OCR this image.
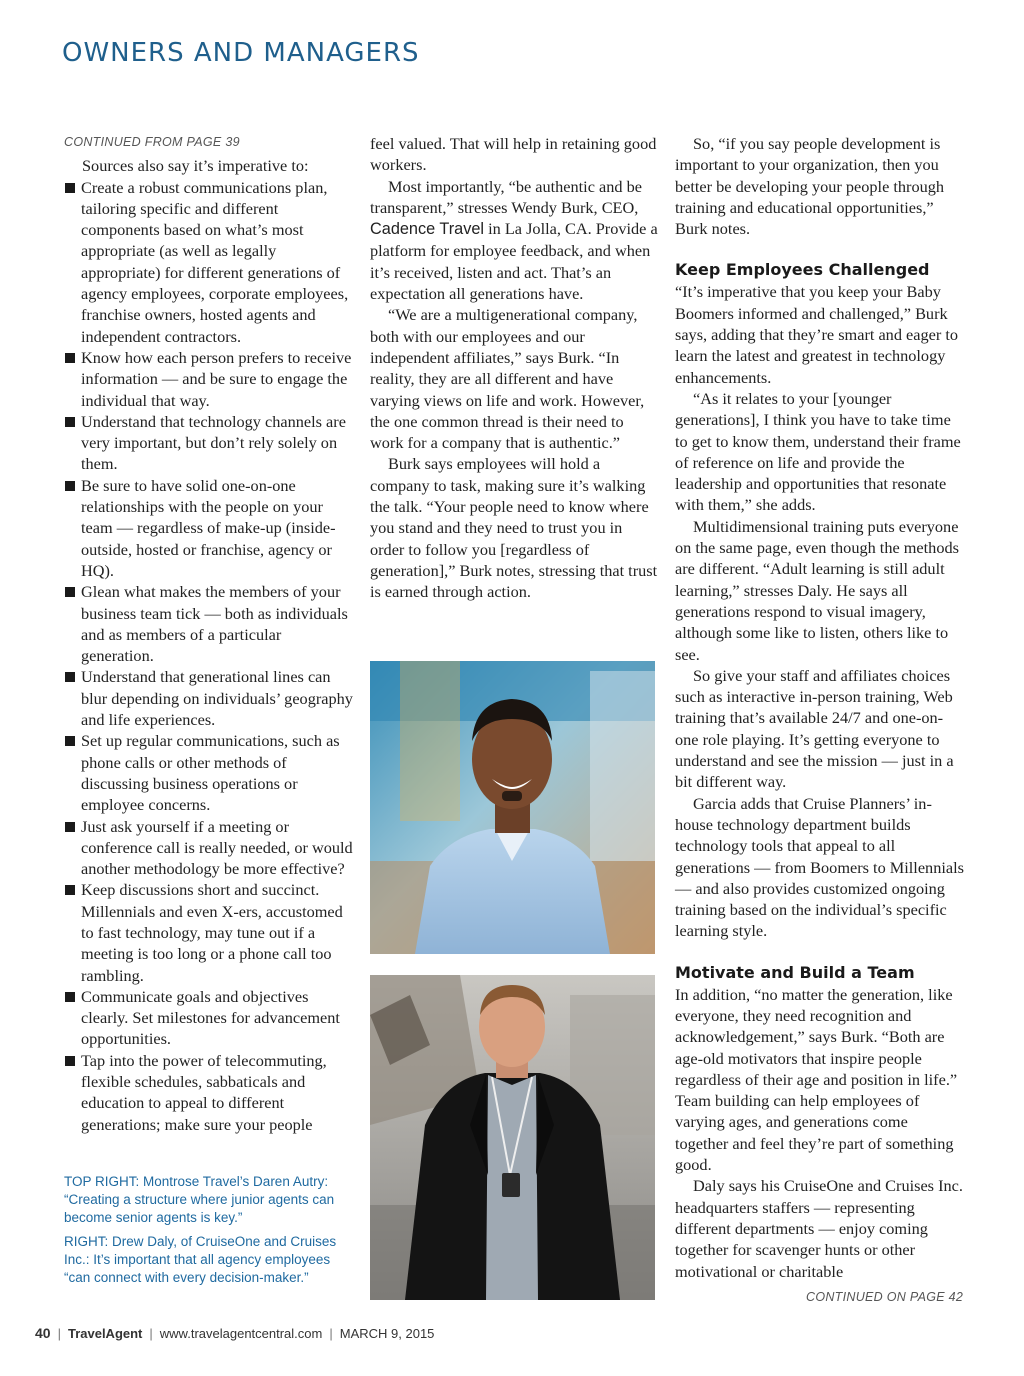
OWNERS AND MANAGERS
CONTINUED FROM PAGE 39

Sources also say it’s imperative to:

Create a robust communications plan, tailoring specific and different components based on what’s most appropriate (as well as legally appropriate) for different generations of agency employees, corporate employees, franchise owners, hosted agents and independent contractors.
Know how each person prefers to receive information — and be sure to engage the individual that way.
Understand that technology channels are very important, but don’t rely solely on them.
Be sure to have solid one-on-one relationships with the people on your team — regardless of make-up (inside-outside, hosted or franchise, agency or HQ).
Glean what makes the members of your business team tick — both as individuals and as members of a particular generation.
Understand that generational lines can blur depending on individuals’ geography and life experiences.
Set up regular communications, such as phone calls or other methods of discussing business operations or employee concerns.
Just ask yourself if a meeting or conference call is really needed, or would another methodology be more effective?
Keep discussions short and succinct. Millennials and even X-ers, accustomed to fast technology, may tune out if a meeting is too long or a phone call too rambling.
Communicate goals and objectives clearly. Set milestones for advancement opportunities.
Tap into the power of telecommuting, flexible schedules, sabbaticals and education to appeal to different generations; make sure your people

TOP RIGHT: Montrose Travel’s Daren Autry: “Creating a structure where junior agents can become senior agents is key.”

RIGHT: Drew Daly, of CruiseOne and Cruises Inc.: It’s important that all agency employees “can connect with every decision-maker.”

feel valued. That will help in retaining good workers.

Most importantly, “be authentic and be transparent,” stresses Wendy Burk, CEO, Cadence Travel in La Jolla, CA. Provide a platform for employee feedback, and when it’s received, listen and act. That’s an expectation all generations have.

“We are a multigenerational company, both with our employees and our independent affiliates,” says Burk. “In reality, they are all different and have varying views on life and work. However, the one common thread is their need to work for a company that is authentic.”

Burk says employees will hold a company to task, making sure it’s walking the talk. “Your people need to know where you stand and they need to trust you in order to follow you [regardless of generation],” Burk notes, stressing that trust is earned through action.

So, “if you say people development is important to your organization, then you better be developing your people through training and educational opportunities,” Burk notes.

Keep Employees Challenged

“It’s imperative that you keep your Baby Boomers informed and challenged,” Burk says, adding that they’re smart and eager to learn the latest and greatest in technology enhancements.

“As it relates to your [younger generations], I think you have to take time to get to know them, understand their frame of reference on life and provide the leadership and opportunities that resonate with them,” she adds.

Multidimensional training puts everyone on the same page, even though the methods are different. “Adult learning is still adult learning,” stresses Daly. He says all generations respond to visual imagery, although some like to listen, others like to see.

So give your staff and affiliates choices such as interactive in-person training, Web training that’s available 24/7 and one-on-one role playing. It’s getting everyone to understand and see the mission — just in a bit different way.

Garcia adds that Cruise Planners’ in-house technology department builds technology tools that appeal to all generations — from Boomers to Millennials — and also provides customized ongoing training based on the individual’s specific learning style.

Motivate and Build a Team

In addition, “no matter the generation, like everyone, they need recognition and acknowledgement,” says Burk. “Both are age-old motivators that inspire people regardless of their age and position in life.” Team building can help employees of varying ages, and generations come together and feel they’re part of something good.

Daly says his CruiseOne and Cruises Inc. headquarters staffers — representing different departments — enjoy coming together for scavenger hunts or other motivational or charitable

CONTINUED ON PAGE 42
40 | TravelAgent | www.travelagentcentral.com | MARCH 9, 2015
